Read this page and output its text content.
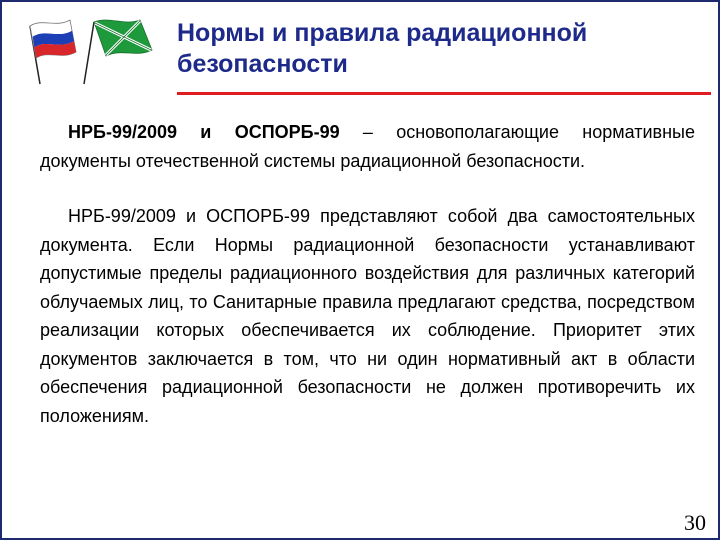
Нормы и правила радиационной безопасности

НРБ-99/2009 и ОСПОРБ-99 – основополагающие нормативные документы отечественной системы радиационной безопасности.

НРБ-99/2009 и ОСПОРБ-99 представляют собой два самостоятельных документа. Если Нормы радиационной безопасности устанавливают допустимые пределы радиационного воздействия для различных категорий облучаемых лиц, то Санитарные правила предлагают средства, посредством реализации которых обеспечивается их соблюдение. Приоритет этих документов заключается в том, что ни один нормативный акт в области обеспечения радиационной безопасности не должен противоречить их положениям.

30
